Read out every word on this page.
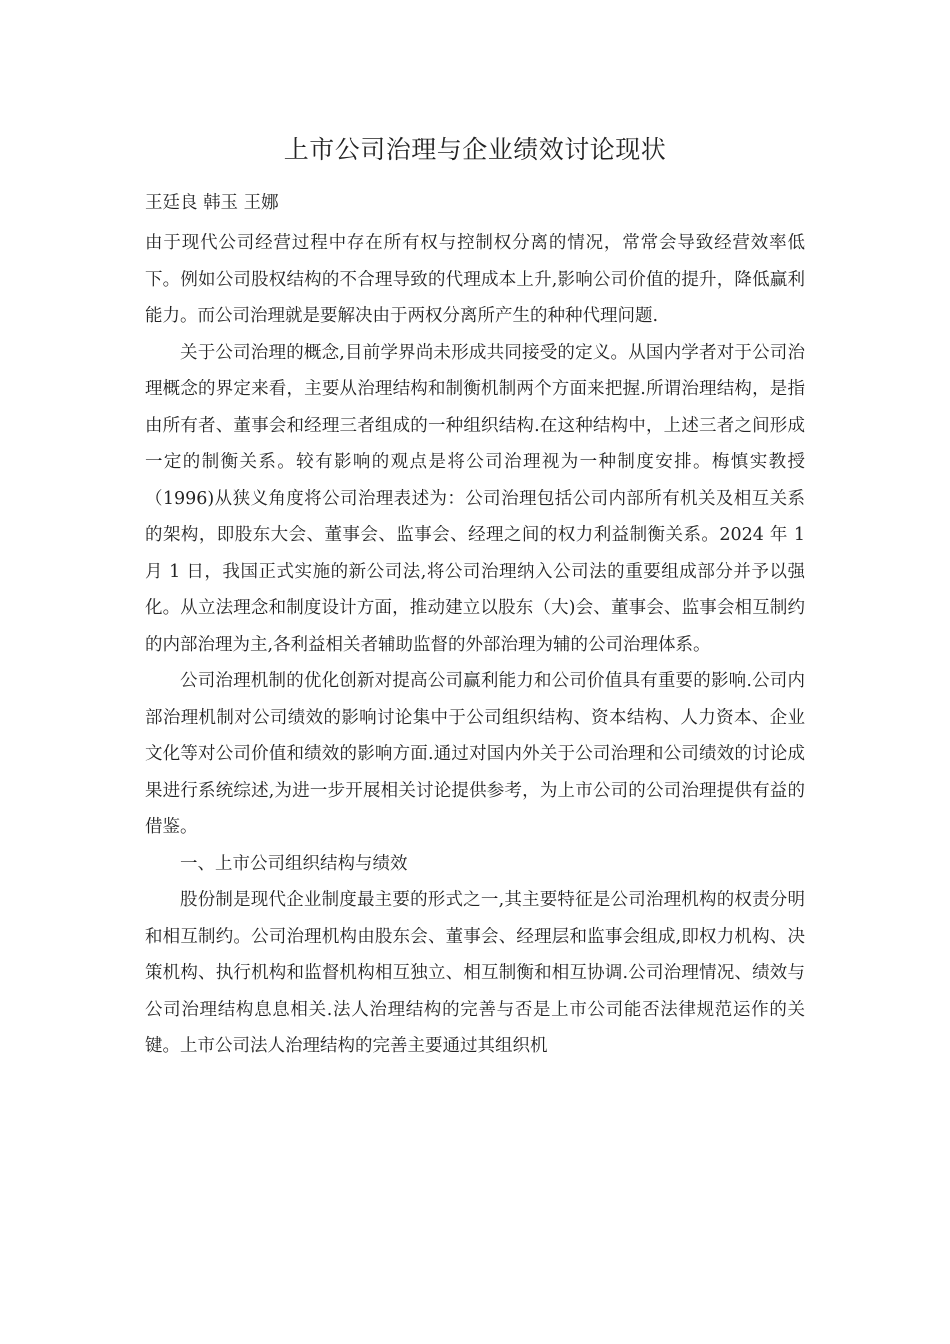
上市公司治理与企业绩效讨论现状
王廷良 韩玉 王娜

由于现代公司经营过程中存在所有权与控制权分离的情况，常常会导致经营效率低下。例如公司股权结构的不合理导致的代理成本上升,影响公司价值的提升，降低赢利能力。而公司治理就是要解决由于两权分离所产生的种种代理问题.

关于公司治理的概念,目前学界尚未形成共同接受的定义。从国内学者对于公司治理概念的界定来看，主要从治理结构和制衡机制两个方面来把握.所谓治理结构，是指由所有者、董事会和经理三者组成的一种组织结构.在这种结构中，上述三者之间形成一定的制衡关系。较有影响的观点是将公司治理视为一种制度安排。梅慎实教授（1996)从狭义角度将公司治理表述为：公司治理包括公司内部所有机关及相互关系的架构，即股东大会、董事会、监事会、经理之间的权力利益制衡关系。2024 年 1 月 1 日，我国正式实施的新公司法,将公司治理纳入公司法的重要组成部分并予以强化。从立法理念和制度设计方面，推动建立以股东（大)会、董事会、监事会相互制约的内部治理为主,各利益相关者辅助监督的外部治理为辅的公司治理体系。

公司治理机制的优化创新对提高公司赢利能力和公司价值具有重要的影响.公司内部治理机制对公司绩效的影响讨论集中于公司组织结构、资本结构、人力资本、企业文化等对公司价值和绩效的影响方面.通过对国内外关于公司治理和公司绩效的讨论成果进行系统综述,为进一步开展相关讨论提供参考，为上市公司的公司治理提供有益的借鉴。

一、上市公司组织结构与绩效

股份制是现代企业制度最主要的形式之一,其主要特征是公司治理机构的权责分明和相互制约。公司治理机构由股东会、董事会、经理层和监事会组成,即权力机构、决策机构、执行机构和监督机构相互独立、相互制衡和相互协调.公司治理情况、绩效与公司治理结构息息相关.法人治理结构的完善与否是上市公司能否法律规范运作的关键。上市公司法人治理结构的完善主要通过其组织机
